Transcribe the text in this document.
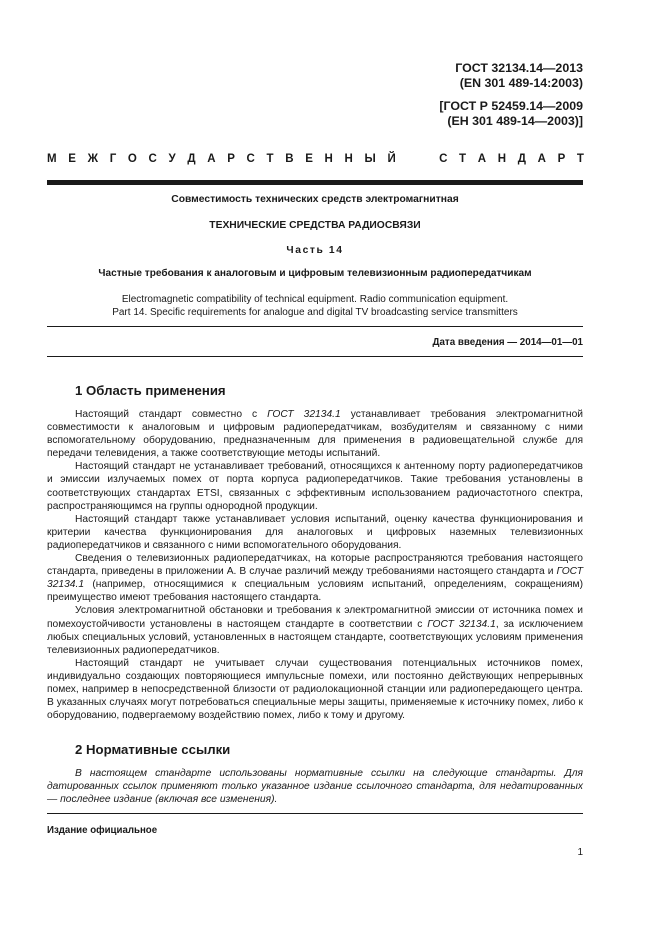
ГОСТ 32134.14—2013
(EN 301 489-14:2003)
[ГОСТ Р 52459.14—2009
(ЕН 301 489-14—2003)]
М Е Ж Г О С У Д А Р С Т В Е Н Н Ы Й	С Т А Н Д А Р Т
Совместимость технических средств электромагнитная
ТЕХНИЧЕСКИЕ СРЕДСТВА РАДИОСВЯЗИ
Часть 14
Частные требования к аналоговым и цифровым телевизионным радиопередатчикам
Electromagnetic compatibility of technical equipment. Radio communication equipment.
Part 14. Specific requirements for analogue and digital TV broadcasting service transmitters
Дата введения — 2014—01—01
1 Область применения

Настоящий стандарт совместно с ГОСТ 32134.1 устанавливает требования электромагнитной совместимости к аналоговым и цифровым радиопередатчикам, возбудителям и связанному с ними вспомогательному оборудованию, предназначенным для применения в радиовещательной службе для передачи телевидения, а также соответствующие методы испытаний.

Настоящий стандарт не устанавливает требований, относящихся к антенному порту радиопередатчиков и эмиссии излучаемых помех от порта корпуса радиопередатчиков. Такие требования установлены в соответствующих стандартах ETSI, связанных с эффективным использованием радиочастотного спектра, распространяющимся на группы однородной продукции.

Настоящий стандарт также устанавливает условия испытаний, оценку качества функционирования и критерии качества функционирования для аналоговых и цифровых наземных телевизионных радиопередатчиков и связанного с ними вспомогательного оборудования.

Сведения о телевизионных радиопередатчиках, на которые распространяются требования настоящего стандарта, приведены в приложении А. В случае различий между требованиями настоящего стандарта и ГОСТ 32134.1 (например, относящимися к специальным условиям испытаний, определениям, сокращениям) преимущество имеют требования настоящего стандарта.

Условия электромагнитной обстановки и требования к электромагнитной эмиссии от источника помех и помехоустойчивости установлены в настоящем стандарте в соответствии с ГОСТ 32134.1, за исключением любых специальных условий, установленных в настоящем стандарте, соответствующих условиям применения телевизионных радиопередатчиков.

Настоящий стандарт не учитывает случаи существования потенциальных источников помех, индивидуально создающих повторяющиеся импульсные помехи, или постоянно действующих непрерывных помех, например в непосредственной близости от радиолокационной станции или радиопередающего центра. В указанных случаях могут потребоваться специальные меры защиты, применяемые к источнику помех, либо к оборудованию, подвергаемому воздействию помех, либо к тому и другому.

2 Нормативные ссылки

В настоящем стандарте использованы нормативные ссылки на следующие стандарты. Для датированных ссылок применяют только указанное издание ссылочного стандарта, для недатированных — последнее издание (включая все изменения).

Издание официальное
1
